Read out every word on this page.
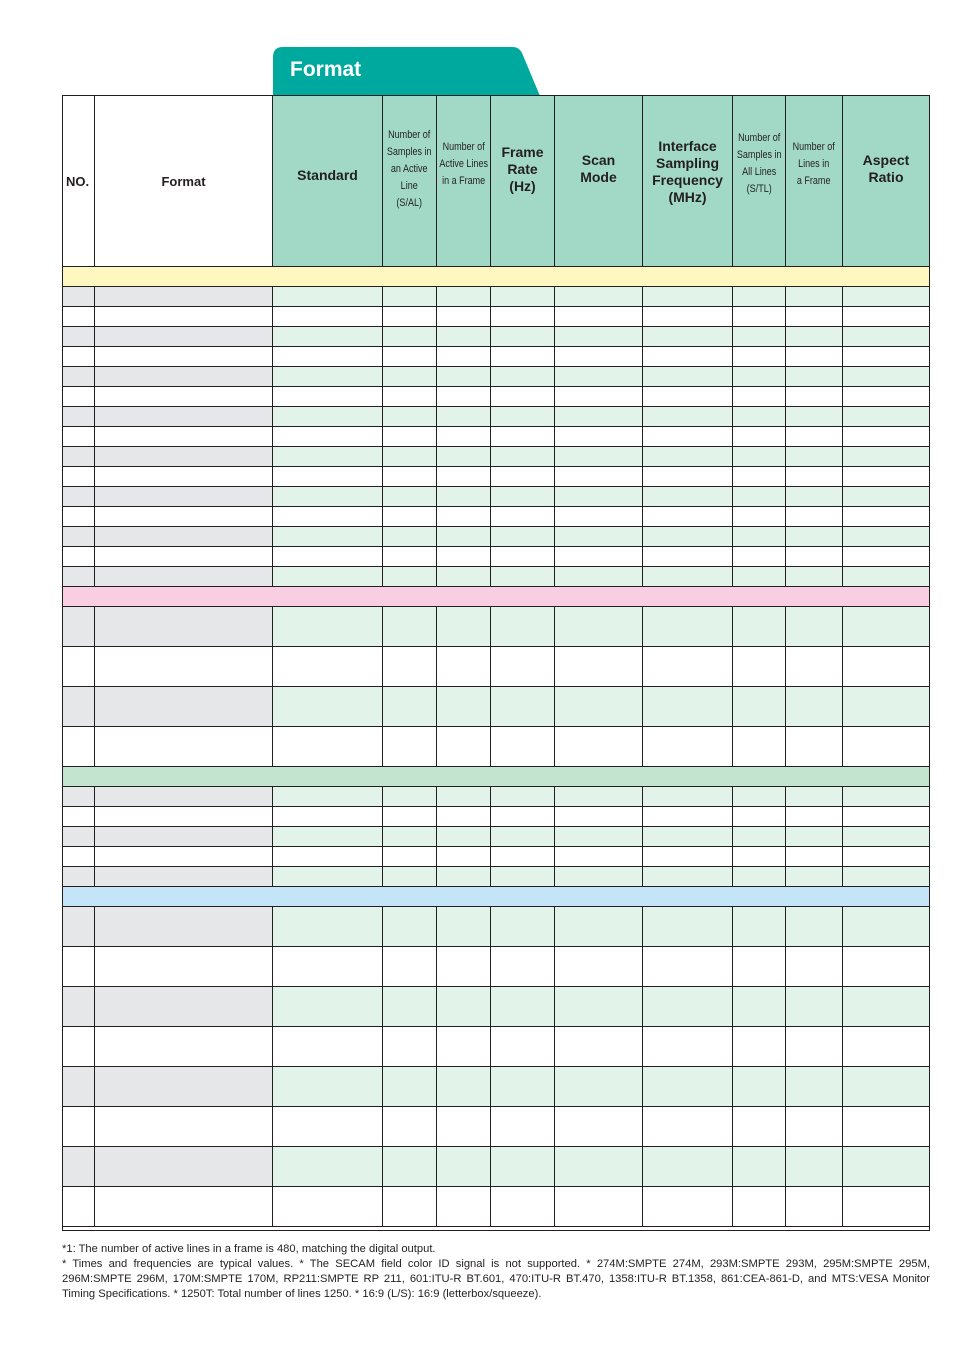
Format
NO.	Format	Standard
Number of
Samples in
an Active
Line
(S/AL)
Number of
Active Lines
in a Frame
Frame
Rate
(Hz)
Scan
Mode
Interface
Sampling
Frequency
(MHz)
Number of
Samples in
All Lines
(S/TL)
Number of
Lines in
a Frame
Aspect
Ratio
*1: The number of active lines in a frame is 480, matching the digital output.
* Times and frequencies are typical values. * The SECAM field color ID signal is not supported. * 274M:SMPTE 274M, 293M:SMPTE 293M, 295M:SMPTE 295M, 296M:SMPTE 296M, 170M:SMPTE 170M, RP211:SMPTE RP 211, 601:ITU-R BT.601, 470:ITU-R BT.470, 1358:ITU-R BT.1358, 861:CEA-861-D, and MTS:VESA Monitor Timing Specifications. * 1250T: Total number of lines 1250. * 16:9 (L/S): 16:9 (letterbox/squeeze).
